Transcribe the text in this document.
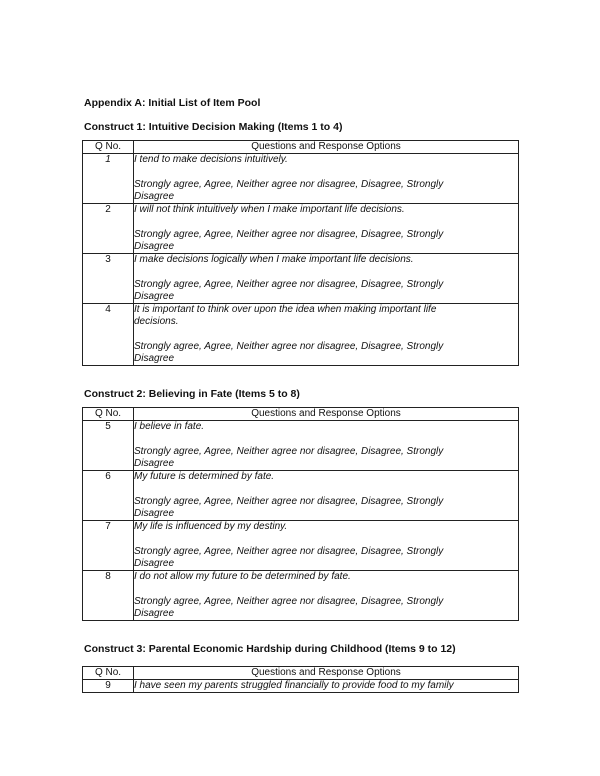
Appendix A: Initial List of Item Pool
Construct 1: Intuitive Decision Making (Items 1 to 4)
Q No.	Questions and Response Options
1	I tend to make decisions intuitively.
Strongly agree, Agree, Neither agree nor disagree, Disagree, Strongly
Disagree

2	I will not think intuitively when I make important life decisions.
Strongly agree, Agree, Neither agree nor disagree, Disagree, Strongly
Disagree

3	I make decisions logically when I make important life decisions.
Strongly agree, Agree, Neither agree nor disagree, Disagree, Strongly
Disagree

4	It is important to think over upon the idea when making important life decisions.
Strongly agree, Agree, Neither agree nor disagree, Disagree, Strongly
Disagree
Construct 2: Believing in Fate (Items 5 to 8)
Q No.	Questions and Response Options
5	I believe in fate.
Strongly agree, Agree, Neither agree nor disagree, Disagree, Strongly
Disagree

6	My future is determined by fate.
Strongly agree, Agree, Neither agree nor disagree, Disagree, Strongly
Disagree

7	My life is influenced by my destiny.
Strongly agree, Agree, Neither agree nor disagree, Disagree, Strongly
Disagree

8	I do not allow my future to be determined by fate.
Strongly agree, Agree, Neither agree nor disagree, Disagree, Strongly
Disagree
Construct 3: Parental Economic Hardship during Childhood (Items 9 to 12)
Q No.	Questions and Response Options
9	I have seen my parents struggled financially to provide food to my family
